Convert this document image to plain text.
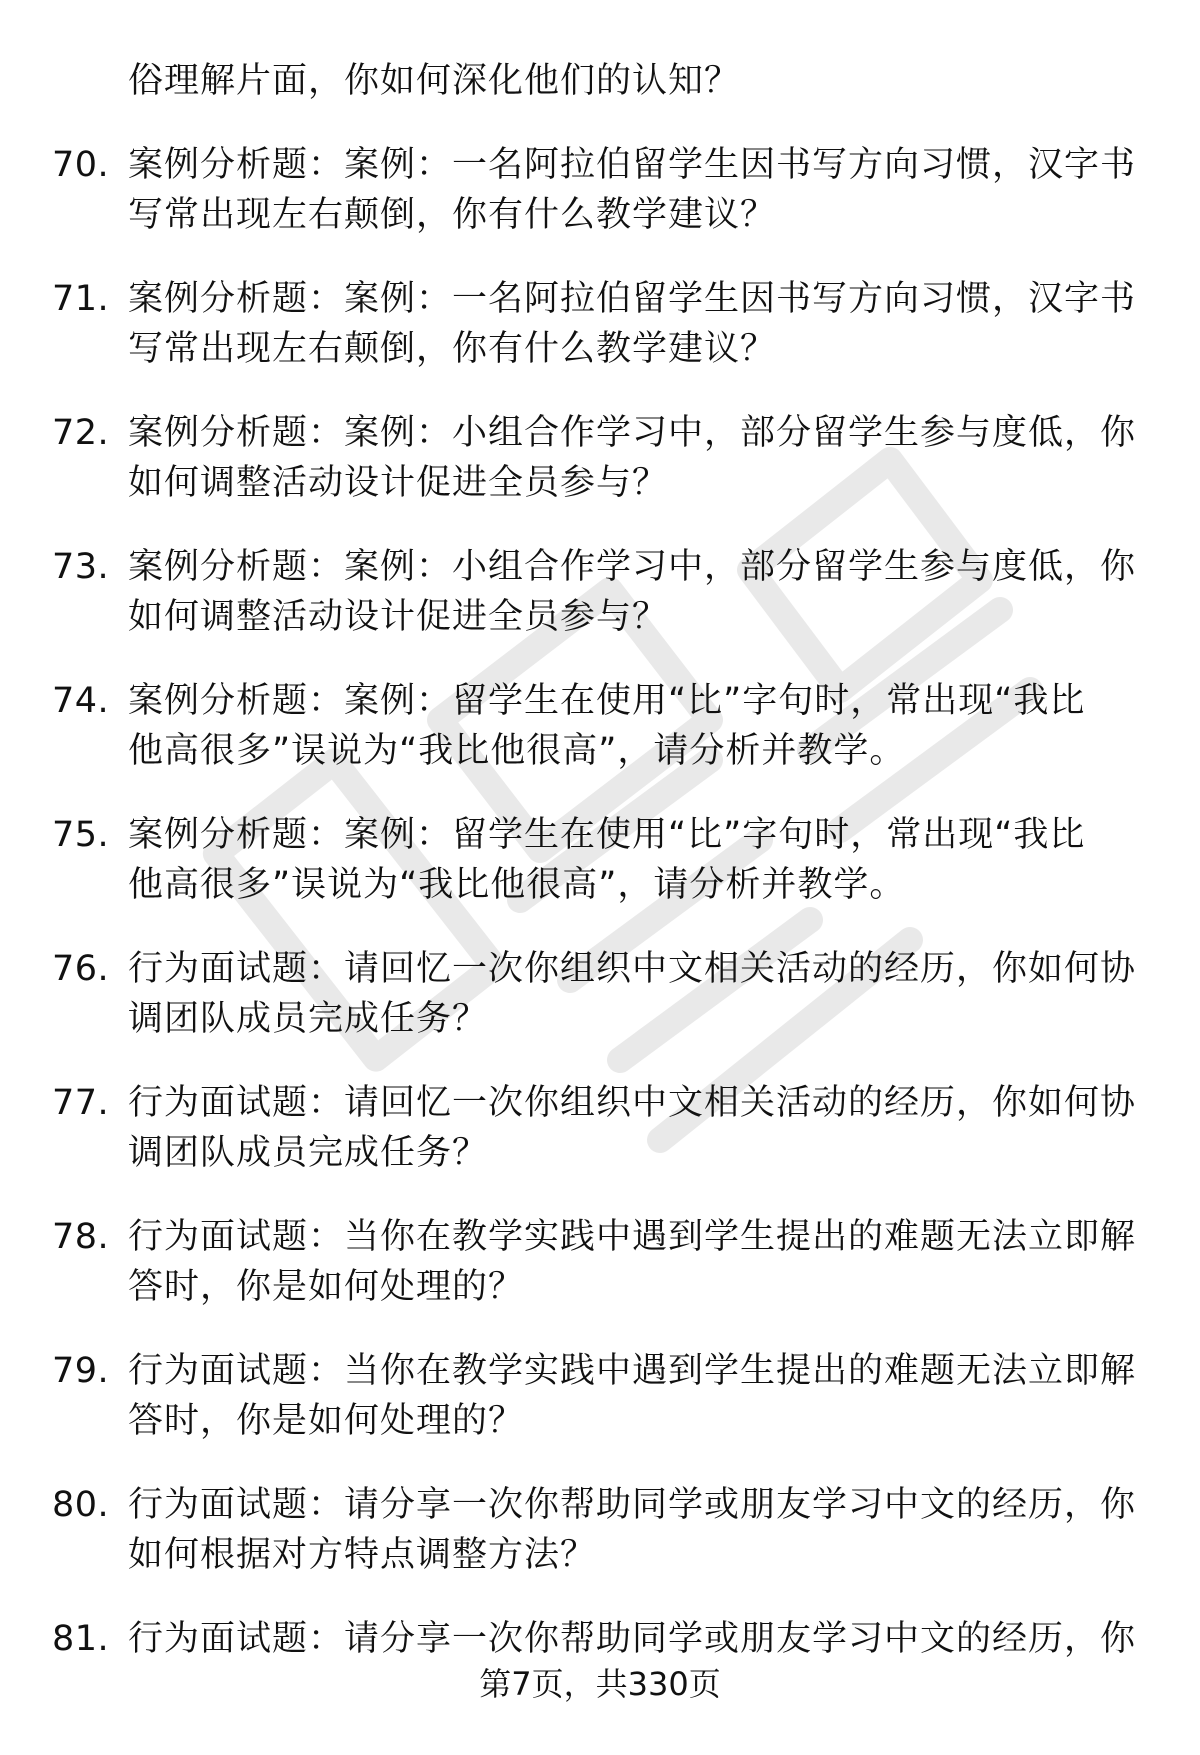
俗理解片面，你如何深化他们的认知？
70. 案例分析题：案例：一名阿拉伯留学生因书写方向习惯，汉字书
写常出现左右颠倒，你有什么教学建议？
71. 案例分析题：案例：一名阿拉伯留学生因书写方向习惯，汉字书
写常出现左右颠倒，你有什么教学建议？
72. 案例分析题：案例：小组合作学习中，部分留学生参与度低，你
如何调整活动设计促进全员参与？
73. 案例分析题：案例：小组合作学习中，部分留学生参与度低，你
如何调整活动设计促进全员参与？
74. 案例分析题：案例：留学生在使用“比”字句时，常出现“我比
他高很多”误说为“我比他很高”，请分析并教学。
75. 案例分析题：案例：留学生在使用“比”字句时，常出现“我比
他高很多”误说为“我比他很高”，请分析并教学。
76. 行为面试题：请回忆一次你组织中文相关活动的经历，你如何协
调团队成员完成任务？
77. 行为面试题：请回忆一次你组织中文相关活动的经历，你如何协
调团队成员完成任务？
78. 行为面试题：当你在教学实践中遇到学生提出的难题无法立即解
答时，你是如何处理的？
79. 行为面试题：当你在教学实践中遇到学生提出的难题无法立即解
答时，你是如何处理的？
80. 行为面试题：请分享一次你帮助同学或朋友学习中文的经历，你
如何根据对方特点调整方法？
81. 行为面试题：请分享一次你帮助同学或朋友学习中文的经历，你
第7页，共330页
